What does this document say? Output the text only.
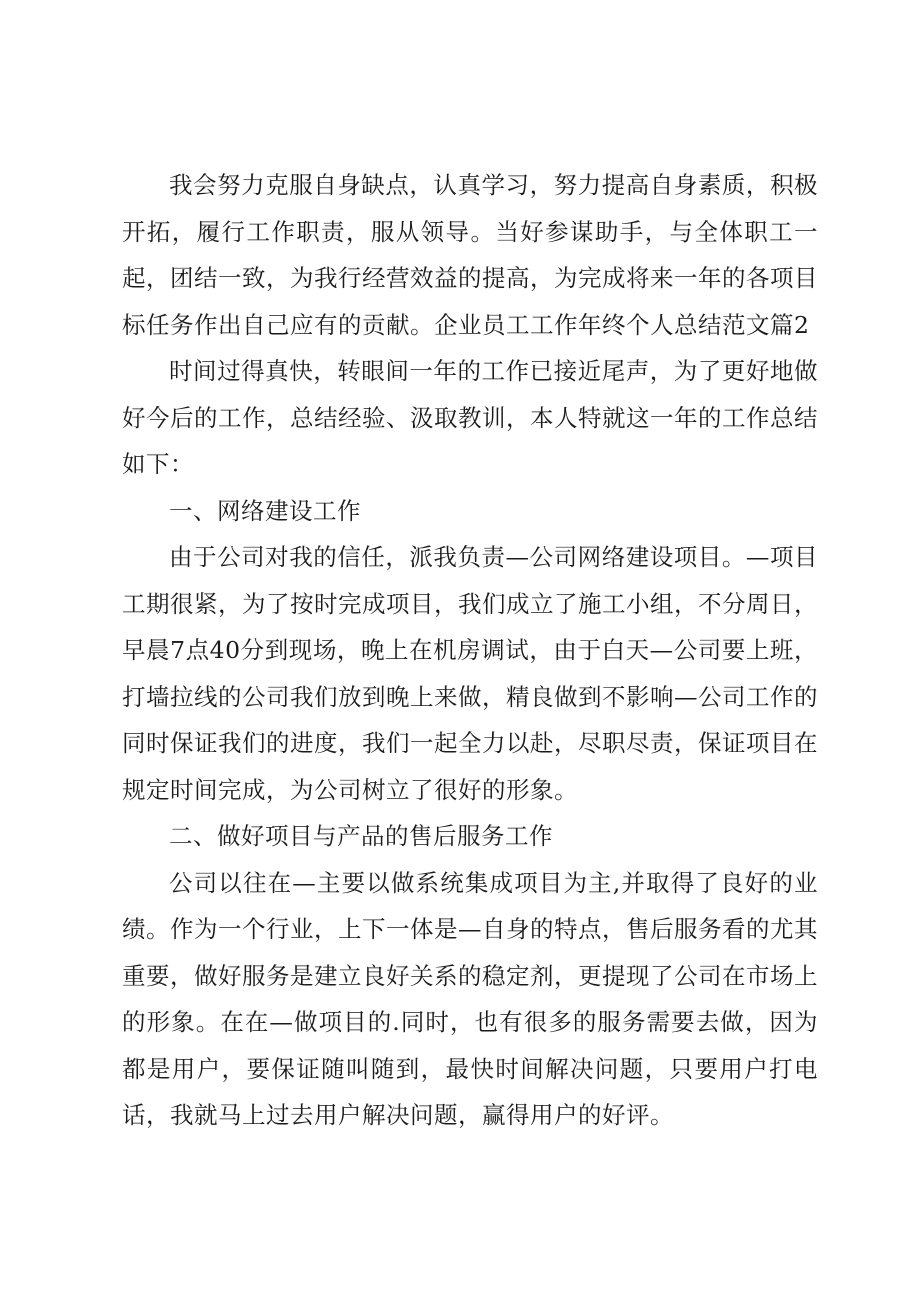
我会努力克服自身缺点，认真学习，努力提高自身素质，积极开拓，履行工作职责，服从领导。当好参谋助手，与全体职工一起，团结一致，为我行经营效益的提高，为完成将来一年的各项目标任务作出自己应有的贡献。企业员工工作年终个人总结范文篇2

时间过得真快，转眼间一年的工作已接近尾声，为了更好地做好今后的工作，总结经验、汲取教训，本人特就这一年的工作总结如下：

一、网络建设工作

由于公司对我的信任，派我负责—公司网络建设项目。—项目工期很紧，为了按时完成项目，我们成立了施工小组，不分周日，早晨7点40分到现场，晚上在机房调试，由于白天—公司要上班，打墙拉线的公司我们放到晚上来做，精良做到不影响—公司工作的同时保证我们的进度，我们一起全力以赴，尽职尽责，保证项目在规定时间完成，为公司树立了很好的形象。

二、做好项目与产品的售后服务工作

公司以往在—主要以做系统集成项目为主,并取得了良好的业绩。作为一个行业，上下一体是—自身的特点，售后服务看的尤其重要，做好服务是建立良好关系的稳定剂，更提现了公司在市场上的形象。在在—做项目的.同时，也有很多的服务需要去做，因为都是用户，要保证随叫随到，最快时间解决问题，只要用户打电话，我就马上过去用户解决问题，赢得用户的好评。
